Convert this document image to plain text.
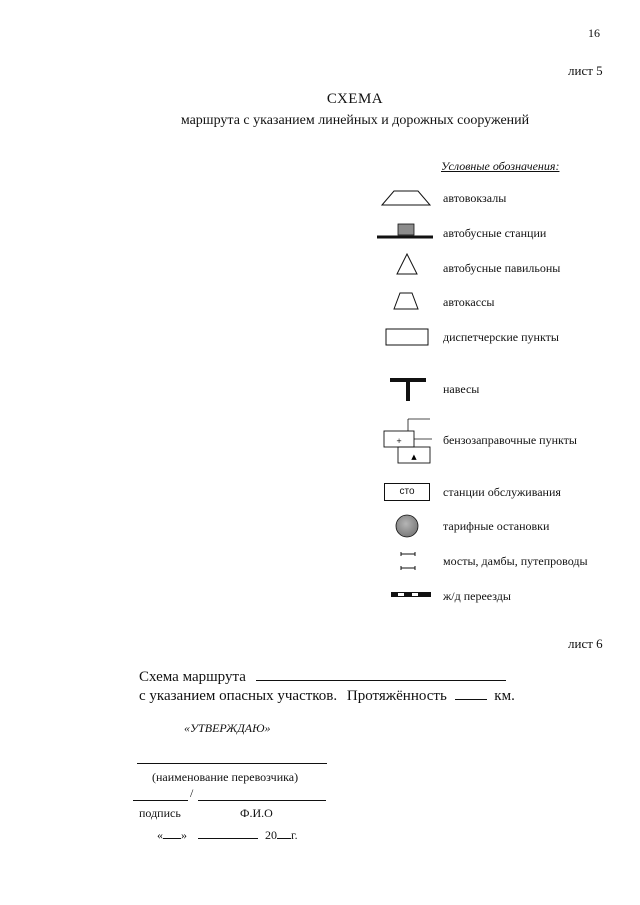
16
лист 5
СХЕМА
маршрута с указанием линейных и дорожных сооружений
Условные обозначения:
+
▲
сто
автовокзалы
автобусные станции
автобусные павильоны
автокассы
диспетчерские пункты
навесы
бензозаправочные пункты
станции обслуживания
тарифные остановки
мосты, дамбы, путепроводы
ж/д переезды
лист 6
Схема маршрута
с указанием опасных участков. Протяжённость	км.
«УТВЕРЖДАЮ»
(наименование перевозчика)
/
подпись	Ф.И.О
« »	20 г.
